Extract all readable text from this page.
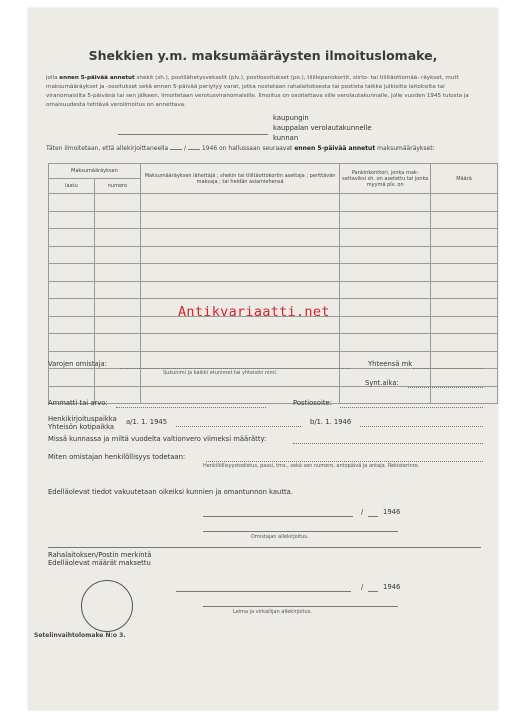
Shekkien y.m. maksumääräysten ilmoituslomake,
jolla ennen 5-päivää annetut shekit (sh.), postilähetysvekselit (plv.), postiosoitukset (po.), tilillepanokortit, siirto- tai tililtäottomää- räykset, mutt maksumääräykset ja -osoitukset sekä ennen 5-päivää periytyy varat, jotka nostetaan rahalaitoksesta tai postista taikka julkisilta laitoksilta tai viranomaisilta 5-päivänä tai sen jälkeen, ilmoitetaan verotusviranomaisille. Ilmoitus on osoitettava sille verolautakunnalle, jolle vuoden 1945 tulosta ja omaisuudesta tehtävä veroilmoitus on annettava.
kaupungin
kauppalan verolautakunnelle
kunnan
Täten ilmoitetaan, että allekirjoittaneella	/	1946 on hallussaan seuraavat ennen 5-päivää annetut maksumääräykset:
Maksumääräyksen		Maksumääräyksen lähettäjä ; shekin tai tililtäottokortin asettaja ; perittävän maksaja ; tai heidän asiamiehensä	Pankinkonttori, jonka mak-settaviksi sh. on asetettu tai jonka myymä plv. on	Määrä
laatu	numero			

Antikvariaatti.net
Varojen omistaja:
Sukunimi ja kaikki etunimet tai yhteisön nimi.
Yhteensä mk
Synt.aika:
Ammatti tai arvo:	Postiosoite:
Henkikirjoituspaikka
Yhteisön kotipaikka
a/1. 1. 1945	b/1. 1. 1946
Missä kunnassa ja miltä vuodelta valtionvero viimeksi määrätty:
Miten omistajan henkilöllisyys todetaan:
Henkilöllisyystodistus, passi, tms., sekä sen numero, antopäivä ja antaja. Rekisterinro.
Edelläolevat tiedot vakuutetaan oikeiksi kunnien ja omantunnon kautta.
/	1946
Omistajan allekirjoitus.
Rahalaitoksen/Postin merkintä
Edelläolevat määrät maksettu
/	1946
Leima ja virkailijan allekirjoitus.
Setelinvaihtolomake N:o 3.
